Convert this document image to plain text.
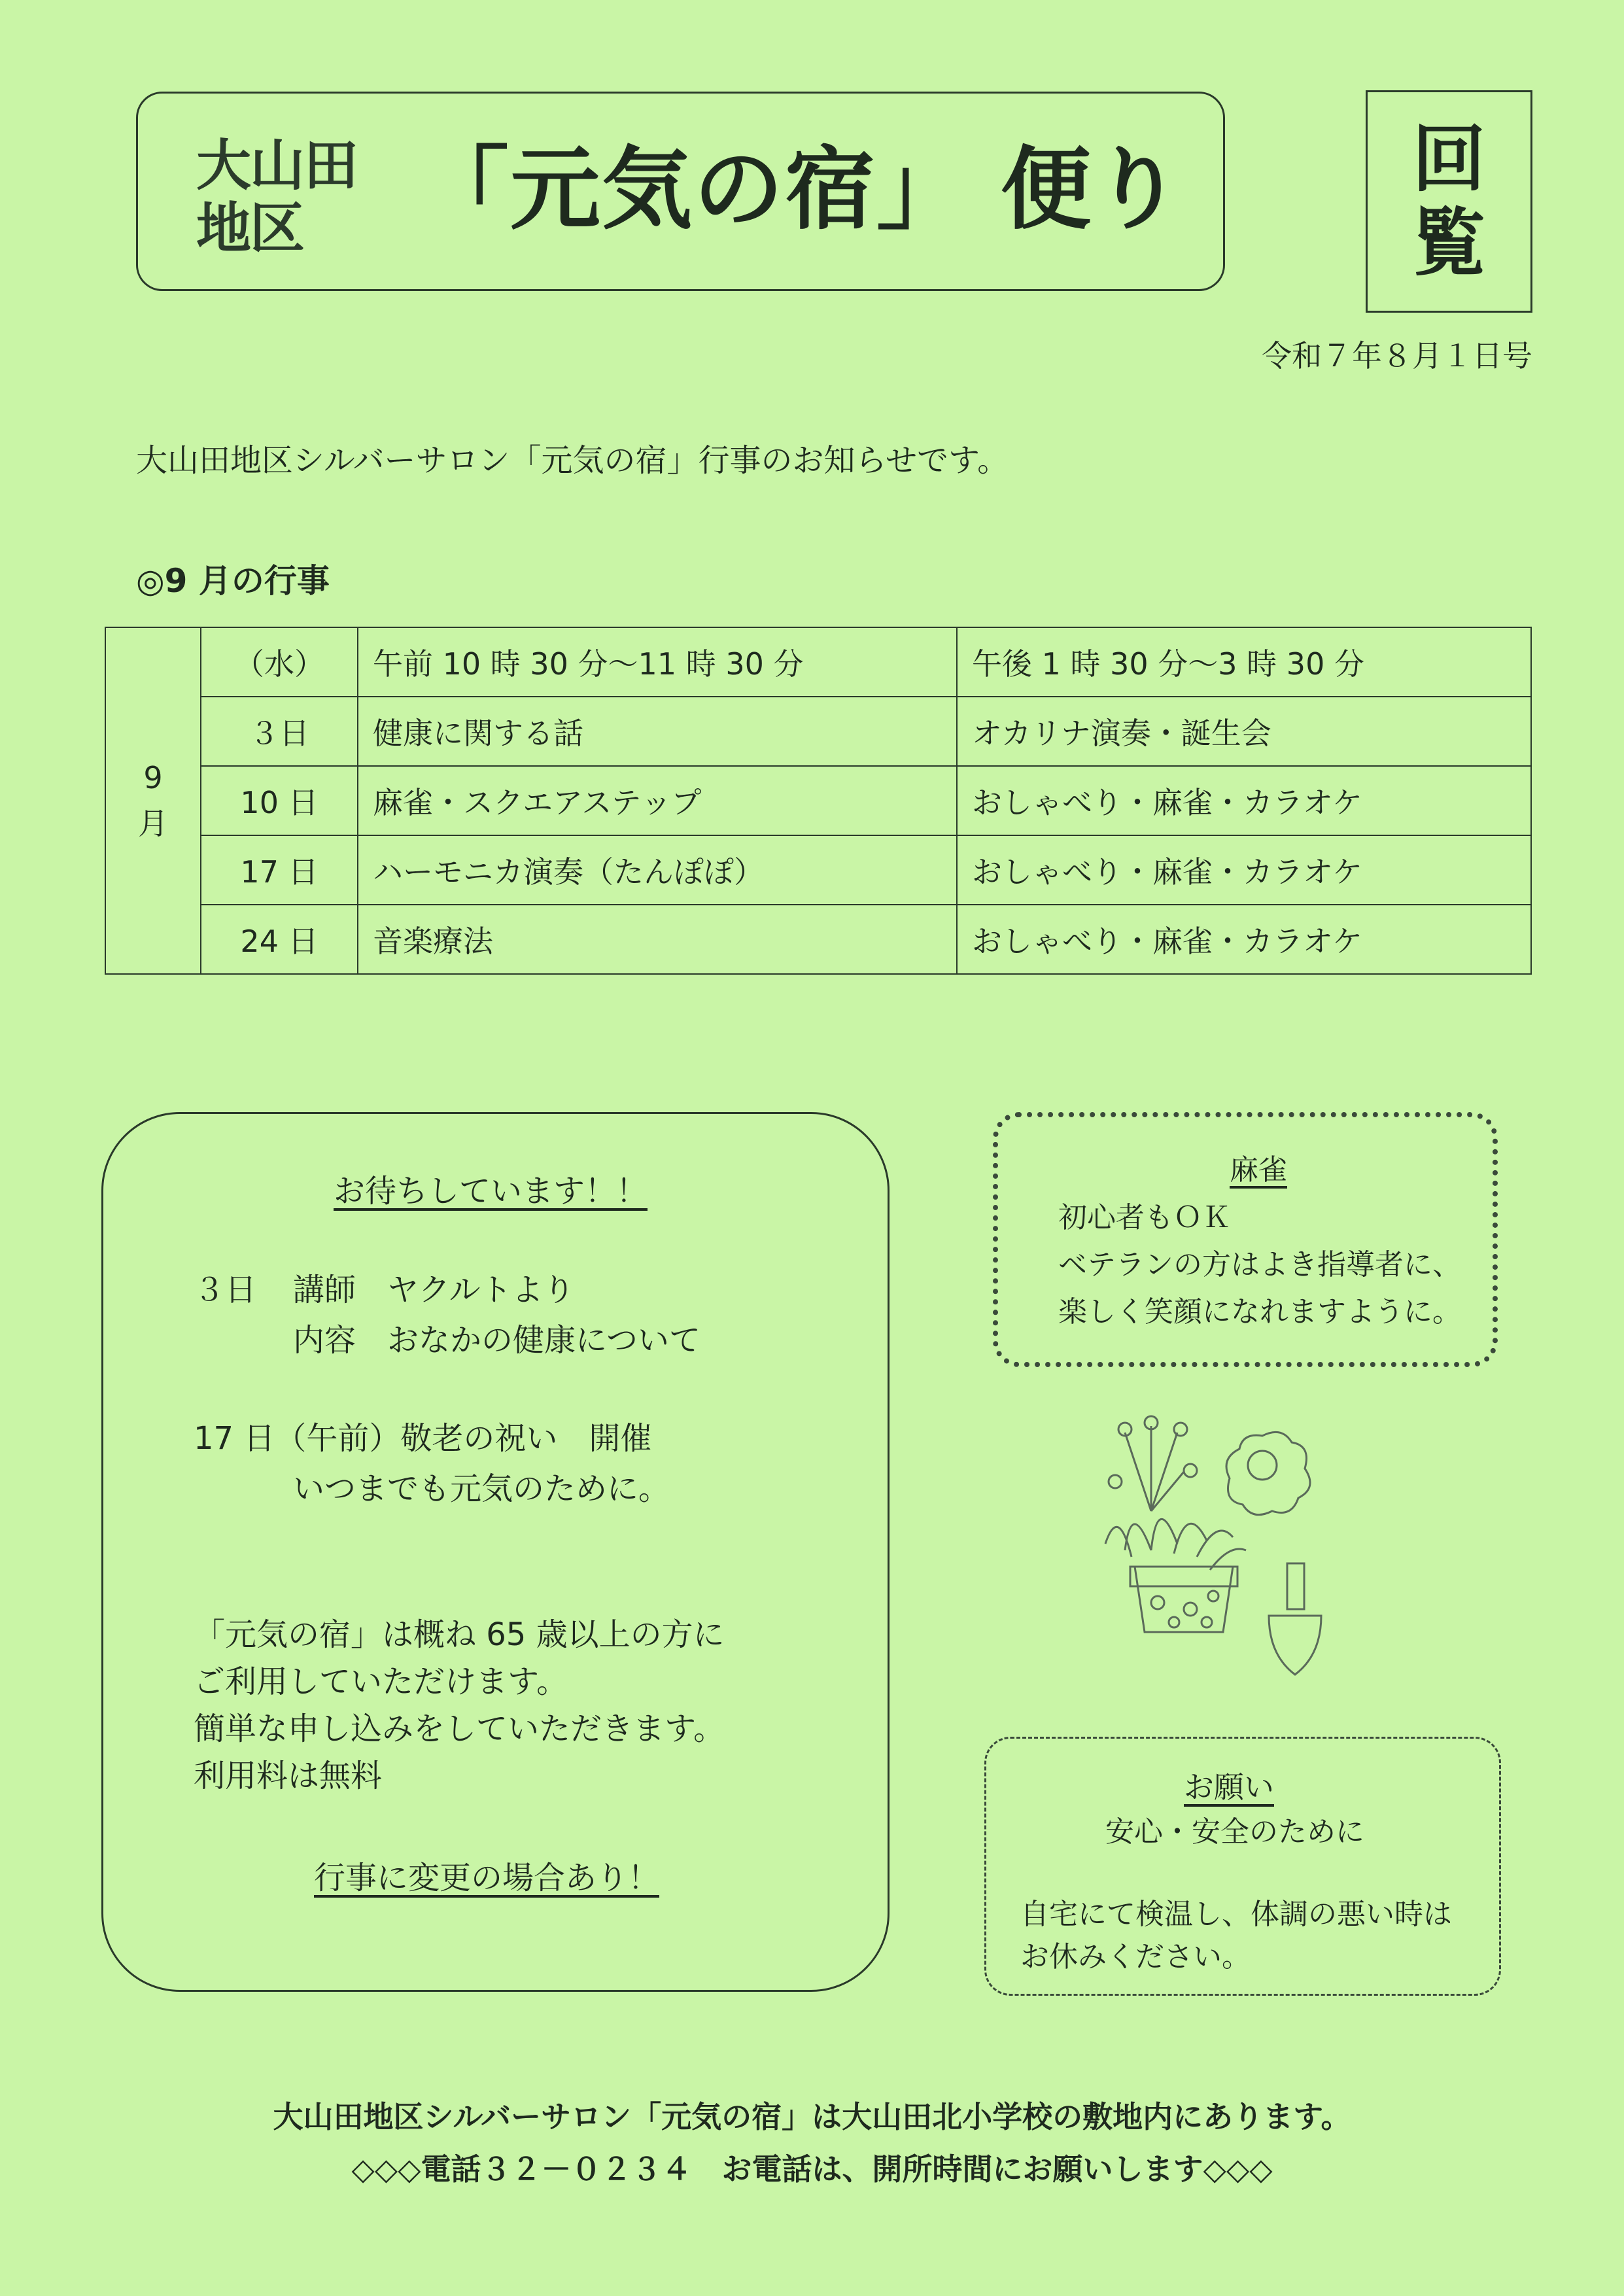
大山田
地区	「元気の宿」 便り	回
覧
令和７年８月１日号
大山田地区シルバーサロン「元気の宿」行事のお知らせです。
◎9 月の行事
9
月	（水）	午前 10 時 30 分～11 時 30 分	午後 1 時 30 分～3 時 30 分
	３日	健康に関する話	オカリナ演奏・誕生会
	10 日	麻雀・スクエアステップ	おしゃべり・麻雀・カラオケ
	17 日	ハーモニカ演奏（たんぽぽ）	おしゃべり・麻雀・カラオケ
	24 日	音楽療法	おしゃべり・麻雀・カラオケ
お待ちしています！！
３日 講師　ヤクルトより
内容　おなかの健康について
17 日（午前）敬老の祝い　開催
いつまでも元気のために。
「元気の宿」は概ね 65 歳以上の方に
ご利用していただけます。
簡単な申し込みをしていただきます。
利用料は無料
行事に変更の場合あり！
麻雀
初心者もＯＫ
ベテランの方はよき指導者に、
楽しく笑顔になれますように。
お願い
安心・安全のために
自宅にて検温し、体調の悪い時は
お休みください。
大山田地区シルバーサロン「元気の宿」は大山田北小学校の敷地内にあります。
◇◇◇電話３２－０２３４　お電話は、開所時間にお願いします◇◇◇
